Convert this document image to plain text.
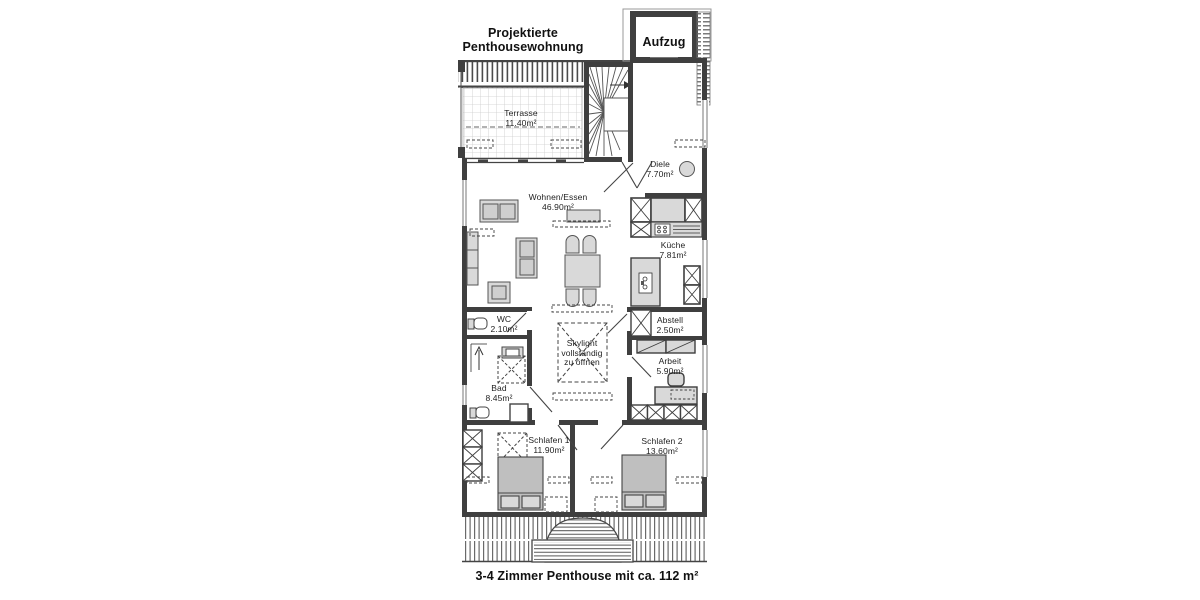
Projektierte Penthousewohnung	Aufzug
Terrasse
11.40m²
Diele
7.70m²
Wohnen/Essen
46.90m²
Küche
7.81m²
WC
2.10m²
Bad
8.45m²
Abstell
2.50m²
Arbeit
5.90m²
Schlafen 1
11.90m²
Schlafen 2
13.60m²
Skylight
vollständig
zu öffnen
3-4 Zimmer Penthouse mit ca. 112 m²
